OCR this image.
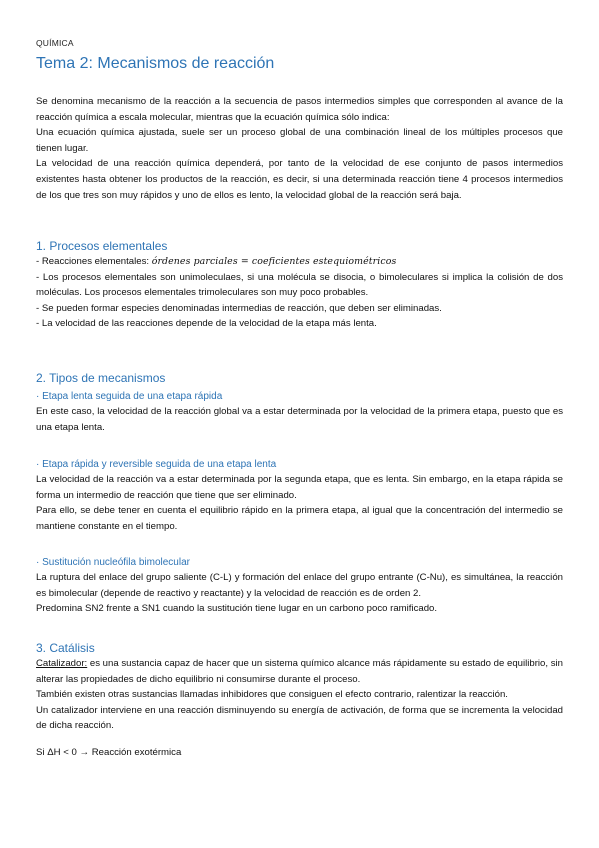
QUÍMICA
Tema 2: Mecanismos de reacción

Se denomina mecanismo de la reacción a la secuencia de pasos intermedios simples que corresponden al avance de la reacción química a escala molecular, mientras que la ecuación química sólo indica:

Una ecuación química ajustada, suele ser un proceso global de una combinación lineal de los múltiples procesos que tienen lugar.

La velocidad de una reacción química dependerá, por tanto de la velocidad de ese conjunto de pasos intermedios existentes hasta obtener los productos de la reacción, es decir, si una determinada reacción tiene 4 procesos intermedios de los que tres son muy rápidos y uno de ellos es lento, la velocidad global de la reacción será baja.

1. Procesos elementales

- Reacciones elementales: órdenes parciales = coeficientes estequiométricos

- Los procesos elementales son unimoleculaes, si una molécula se disocia, o bimoleculares si implica la colisión de dos moléculas. Los procesos elementales trimoleculares son muy poco probables.

- Se pueden formar especies denominadas intermedias de reacción, que deben ser eliminadas.

- La velocidad de las reacciones depende de la velocidad de la etapa más lenta.

2. Tipos de mecanismos
· Etapa lenta seguida de una etapa rápida

En este caso, la velocidad de la reacción global va a estar determinada por la velocidad de la primera etapa, puesto que es una etapa lenta.

· Etapa rápida y reversible seguida de una etapa lenta

La velocidad de la reacción va a estar determinada por la segunda etapa, que es lenta. Sin embargo, en la etapa rápida se forma un intermedio de reacción que tiene que ser eliminado.

Para ello, se debe tener en cuenta el equilibrio rápido en la primera etapa, al igual que la concentración del intermedio se mantiene constante en el tiempo.

· Sustitución nucleófila bimolecular

La ruptura del enlace del grupo saliente (C-L) y formación del enlace del grupo entrante (C-Nu), es simultánea, la reacción es bimolecular (depende de reactivo y reactante) y la velocidad de reacción es de orden 2.

Predomina SN2 frente a SN1 cuando la sustitución tiene lugar en un carbono poco ramificado.

3. Catálisis

Catalizador: es una sustancia capaz de hacer que un sistema químico alcance más rápidamente su estado de equilibrio, sin alterar las propiedades de dicho equilibrio ni consumirse durante el proceso.

También existen otras sustancias llamadas inhibidores que consiguen el efecto contrario, ralentizar la reacción.

Un catalizador interviene en una reacción disminuyendo su energía de activación, de forma que se incrementa la velocidad de dicha reacción.

Si ΔH < 0 → Reacción exotérmica
